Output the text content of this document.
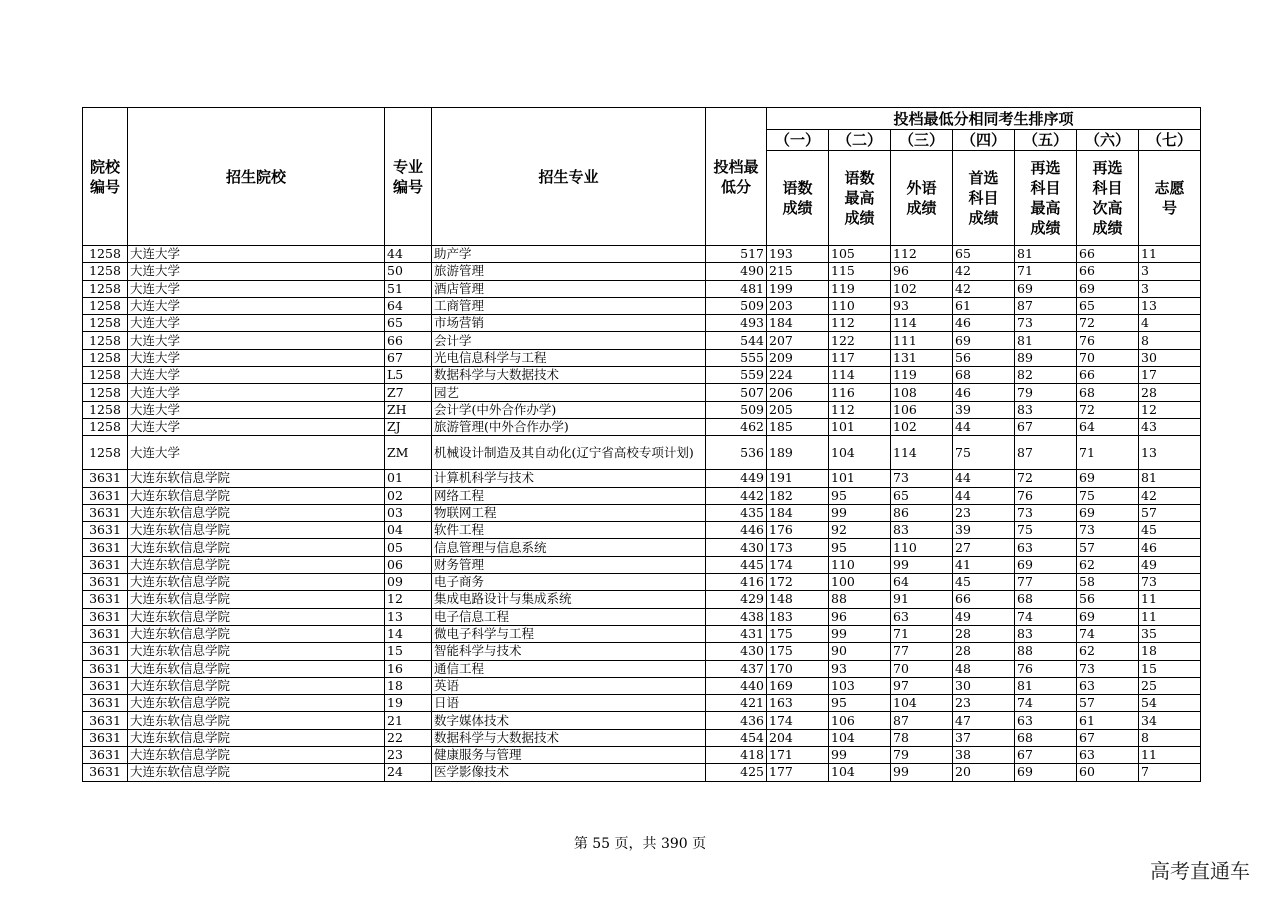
院校编号	招生院校	专业编号	招生专业	投档最低分	投档最低分相同考生排序项						
					（一）	（二）	（三）	（四）	（五）	（六）	（七）
					语数成绩	语数最高成绩	外语成绩	首选科目成绩	再选科目最高成绩	再选科目次高成绩	志愿号
1258	大连大学	44	助产学	517	193	105	112	65	81	66	11
1258	大连大学	50	旅游管理	490	215	115	96	42	71	66	3
1258	大连大学	51	酒店管理	481	199	119	102	42	69	69	3
1258	大连大学	64	工商管理	509	203	110	93	61	87	65	13
1258	大连大学	65	市场营销	493	184	112	114	46	73	72	4
1258	大连大学	66	会计学	544	207	122	111	69	81	76	8
1258	大连大学	67	光电信息科学与工程	555	209	117	131	56	89	70	30
1258	大连大学	L5	数据科学与大数据技术	559	224	114	119	68	82	66	17
1258	大连大学	Z7	园艺	507	206	116	108	46	79	68	28
1258	大连大学	ZH	会计学(中外合作办学)	509	205	112	106	39	83	72	12
1258	大连大学	ZJ	旅游管理(中外合作办学)	462	185	101	102	44	67	64	43
1258	大连大学	ZM	机械设计制造及其自动化(辽宁省高校专项计划)	536	189	104	114	75	87	71	13
3631	大连东软信息学院	01	计算机科学与技术	449	191	101	73	44	72	69	81
3631	大连东软信息学院	02	网络工程	442	182	95	65	44	76	75	42
3631	大连东软信息学院	03	物联网工程	435	184	99	86	23	73	69	57
3631	大连东软信息学院	04	软件工程	446	176	92	83	39	75	73	45
3631	大连东软信息学院	05	信息管理与信息系统	430	173	95	110	27	63	57	46
3631	大连东软信息学院	06	财务管理	445	174	110	99	41	69	62	49
3631	大连东软信息学院	09	电子商务	416	172	100	64	45	77	58	73
3631	大连东软信息学院	12	集成电路设计与集成系统	429	148	88	91	66	68	56	11
3631	大连东软信息学院	13	电子信息工程	438	183	96	63	49	74	69	11
3631	大连东软信息学院	14	微电子科学与工程	431	175	99	71	28	83	74	35
3631	大连东软信息学院	15	智能科学与技术	430	175	90	77	28	88	62	18
3631	大连东软信息学院	16	通信工程	437	170	93	70	48	76	73	15
3631	大连东软信息学院	18	英语	440	169	103	97	30	81	63	25
3631	大连东软信息学院	19	日语	421	163	95	104	23	74	57	54
3631	大连东软信息学院	21	数字媒体技术	436	174	106	87	47	63	61	34
3631	大连东软信息学院	22	数据科学与大数据技术	454	204	104	78	37	68	67	8
3631	大连东软信息学院	23	健康服务与管理	418	171	99	79	38	67	63	11
3631	大连东软信息学院	24	医学影像技术	425	177	104	99	20	69	60	7
第 55 页，共 390 页
高考直通车
